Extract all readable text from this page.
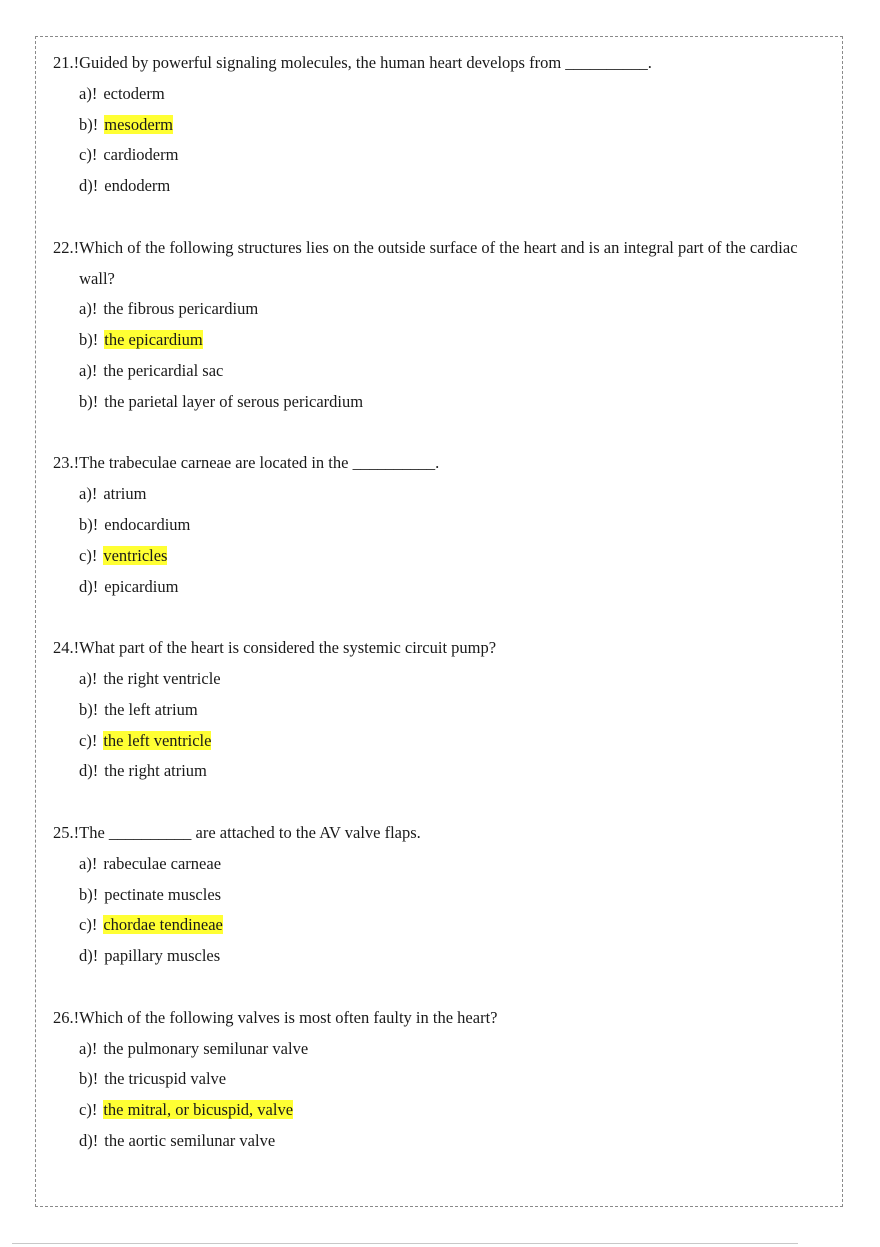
21. ! Guided by powerful signaling molecules, the human heart develops from __________.
a) ! ectoderm
b) ! mesoderm
c) ! cardioderm
d) ! endoderm
22. ! Which of the following structures lies on the outside surface of the heart and is an integral part of the cardiac wall?
a) ! the fibrous pericardium
b) ! the epicardium
a) ! the pericardial sac
b) ! the parietal layer of serous pericardium
23. ! The trabeculae carneae are located in the __________.
a) ! atrium
b) ! endocardium
c) ! ventricles
d) ! epicardium
24. ! What part of the heart is considered the systemic circuit pump?
a) ! the right ventricle
b) ! the left atrium
c) ! the left ventricle
d) ! the right atrium
25. ! The __________ are attached to the AV valve flaps.
a) ! rabeculae carneae
b) ! pectinate muscles
c) ! chordae tendineae
d) ! papillary muscles
26. ! Which of the following valves is most often faulty in the heart?
a) ! the pulmonary semilunar valve
b) ! the tricuspid valve
c) ! the mitral, or bicuspid, valve
d) ! the aortic semilunar valve
